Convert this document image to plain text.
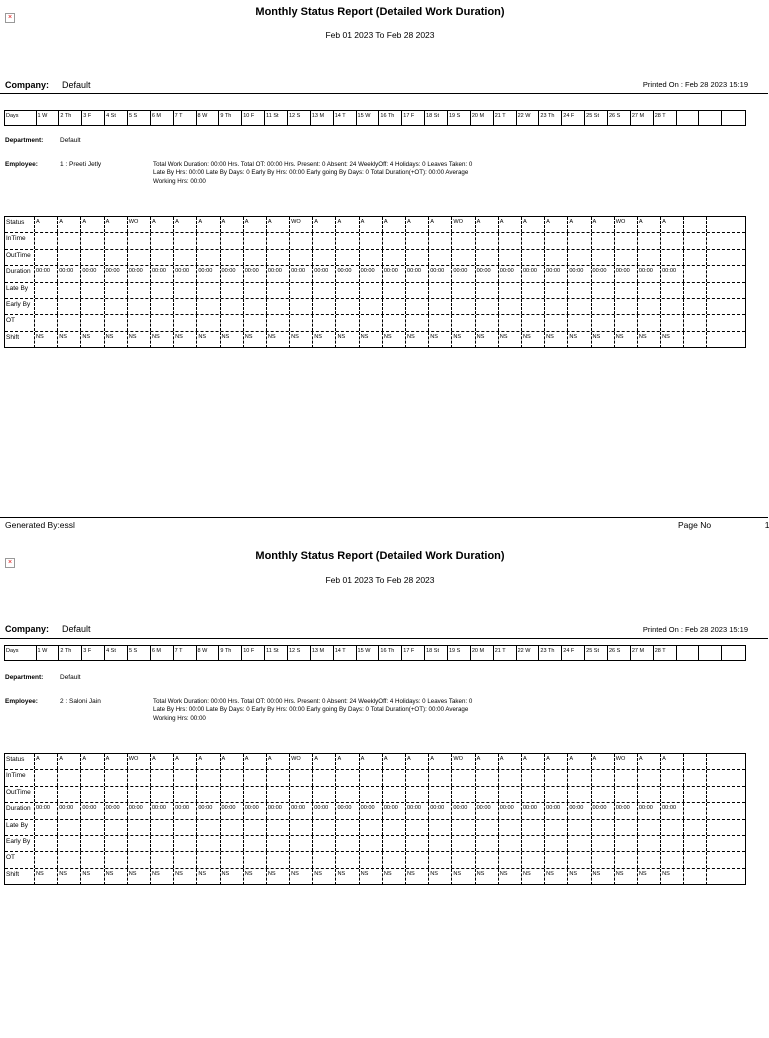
×	Monthly Status Report (Detailed Work Duration)
Feb 01 2023 To Feb 28 2023
Company: Default	Printed On : Feb 28 2023 15:19
Days	1 W	2 Th	3 F	4 St	5 S	6 M	7 T	8 W	9 Th	10 F	11 St	12 S	13 M	14 T	15 W	16 Th	17 F	18 St	19 S	20 M	21 T	22 W	23 Th	24 F	25 St	26 S	27 M	28 T
Department:	Default
Employee:	1 : Preeti Jetly	Total Work Duration: 00:00 Hrs. Total OT: 00:00 Hrs. Present: 0 Absent: 24 WeeklyOff: 4 Holidays: 0 Leaves Taken: 0
Late By Hrs: 00:00 Late By Days: 0 Early By Hrs: 00:00 Early going By Days: 0 Total Duration(+OT): 00:00 Average
Working Hrs: 00:00
Status	A	A	A	A	WO	A	A	A	A	A	A	WO	A	A	A	A	A	A	WO	A	A	A	A	A	A	WO	A	A
InTime
OutTime
Duration 00:00	00:00	00:00	00:00	00:00	00:00	00:00	00:00	00:00	00:00	00:00	00:00	00:00	00:00	00:00	00:00	00:00	00:00	00:00	00:00	00:00	00:00	00:00	00:00	00:00	00:00	00:00	00:00
Late By
Early By
OT
Shift	NS	NS	NS	NS	NS	NS	NS	NS	NS	NS	NS	NS	NS	NS	NS	NS	NS	NS	NS	NS	NS	NS	NS	NS	NS	NS	NS	NS
Generated By:essl	Page No	1
×
Monthly Status Report (Detailed Work Duration)
Feb 01 2023 To Feb 28 2023
Company: Default	Printed On : Feb 28 2023 15:19
Days	1 W	2 Th	3 F	4 St	5 S	6 M	7 T	8 W	9 Th	10 F	11 St	12 S	13 M	14 T	15 W	16 Th	17 F	18 St	19 S	20 M	21 T	22 W	23 Th	24 F	25 St	26 S	27 M	28 T
Department:	Default
Employee:	2 : Saloni Jain	Total Work Duration: 00:00 Hrs. Total OT: 00:00 Hrs. Present: 0 Absent: 24 WeeklyOff: 4 Holidays: 0 Leaves Taken: 0
Late By Hrs: 00:00 Late By Days: 0 Early By Hrs: 00:00 Early going By Days: 0 Total Duration(+OT): 00:00 Average
Working Hrs: 00:00
Status	A	A	A	A	WO	A	A	A	A	A	A	WO	A	A	A	A	A	A	WO	A	A	A	A	A	A	WO	A	A
InTime
OutTime
Duration 00:00	00:00	00:00	00:00	00:00	00:00	00:00	00:00	00:00	00:00	00:00	00:00	00:00	00:00	00:00	00:00	00:00	00:00	00:00	00:00	00:00	00:00	00:00	00:00	00:00	00:00	00:00	00:00
Late By
Early By
OT
Shift	NS	NS	NS	NS	NS	NS	NS	NS	NS	NS	NS	NS	NS	NS	NS	NS	NS	NS	NS	NS	NS	NS	NS	NS	NS	NS	NS	NS
